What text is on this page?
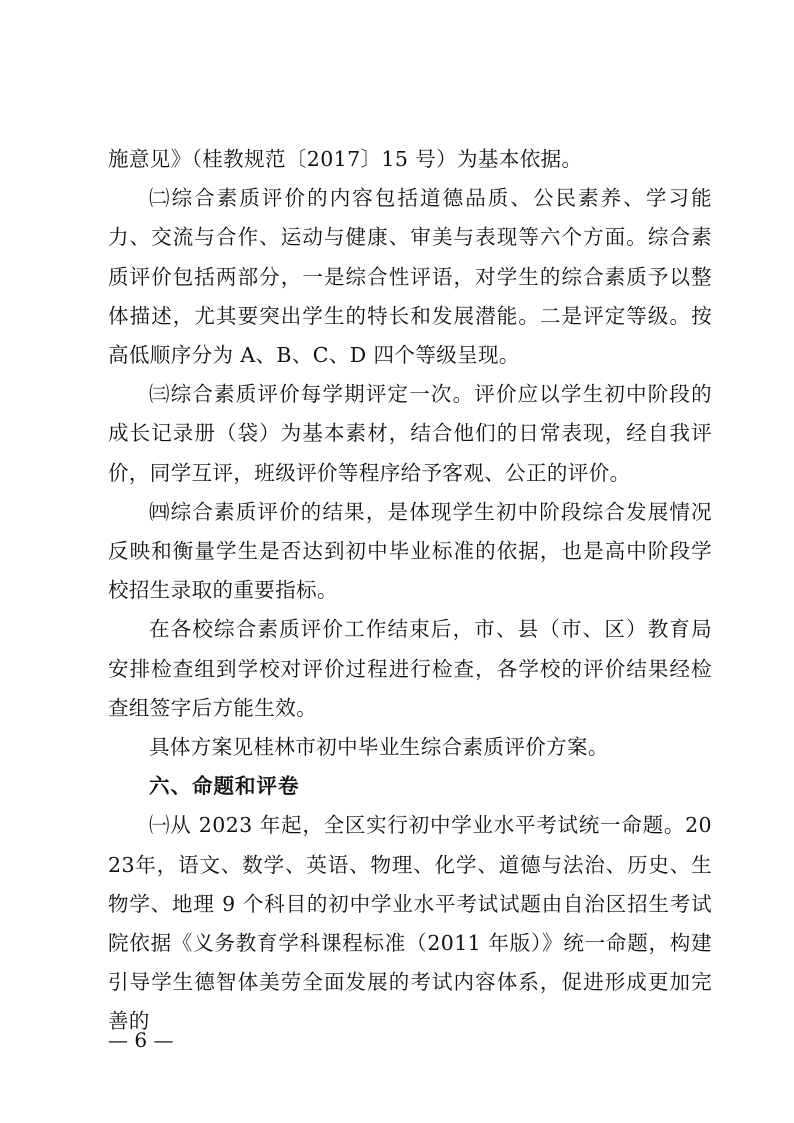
施意见》（桂教规范〔2017〕15 号）为基本依据。

㈡综合素质评价的内容包括道德品质、公民素养、学习能力、交流与合作、运动与健康、审美与表现等六个方面。综合素质评价包括两部分，一是综合性评语，对学生的综合素质予以整体描述，尤其要突出学生的特长和发展潜能。二是评定等级。按高低顺序分为 A、B、C、D 四个等级呈现。

㈢综合素质评价每学期评定一次。评价应以学生初中阶段的成长记录册（袋）为基本素材，结合他们的日常表现，经自我评价，同学互评，班级评价等程序给予客观、公正的评价。

㈣综合素质评价的结果，是体现学生初中阶段综合发展情况反映和衡量学生是否达到初中毕业标准的依据，也是高中阶段学校招生录取的重要指标。

在各校综合素质评价工作结束后，市、县（市、区）教育局安排检查组到学校对评价过程进行检查，各学校的评价结果经检查组签字后方能生效。

具体方案见桂林市初中毕业生综合素质评价方案。

六、命题和评卷

㈠从 2023 年起，全区实行初中学业水平考试统一命题。2023年，语文、数学、英语、物理、化学、道德与法治、历史、生物学、地理 9 个科目的初中学业水平考试试题由自治区招生考试院依据《义务教育学科课程标准（2011 年版）》统一命题，构建引导学生德智体美劳全面发展的考试内容体系，促进形成更加完善的

— 6 —
